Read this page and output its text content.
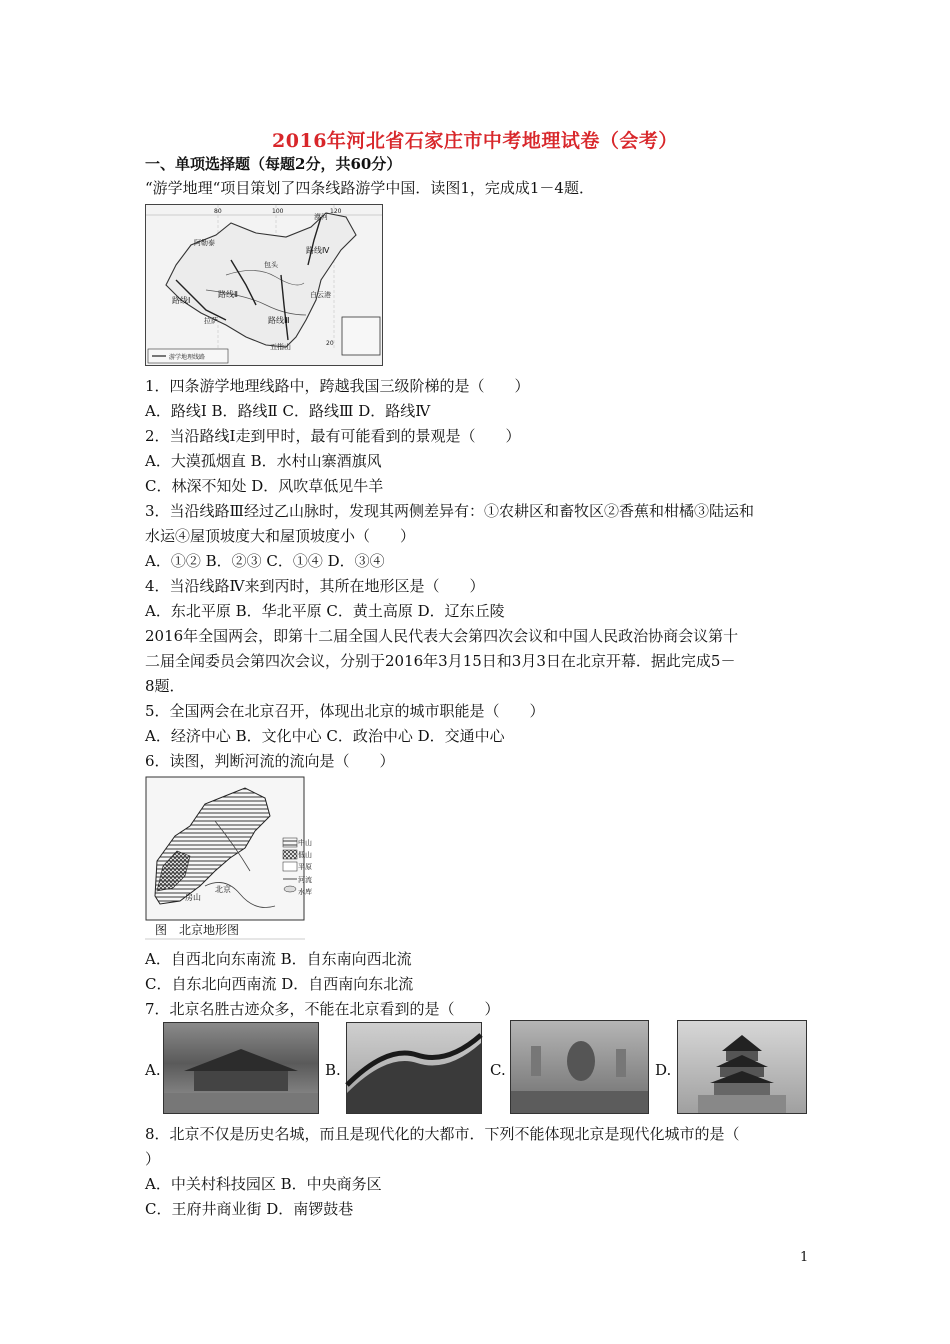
2016年河北省石家庄市中考地理试卷（会考）
一、单项选择题（每题2分，共60分）
“游学地理“项目策划了四条线路游学中国．读图1，完成成1－4题．
80	100	120
漠河
阿勒泰
路线Ⅳ
包头
路线Ⅱ
路线Ⅰ
拉萨	路线Ⅲ
白云港
五指山	20
游学地理线路
1．四条游学地理线路中，跨越我国三级阶梯的是（　　）
A．路线Ⅰ B．路线Ⅱ C．路线Ⅲ D．路线Ⅳ
2．当沿路线Ⅰ走到甲时，最有可能看到的景观是（　　）
A．大漠孤烟直 B．水村山寨酒旗风
C．林深不知处 D．风吹草低见牛羊
3．当沿线路Ⅲ经过乙山脉时，发现其两侧差异有：①农耕区和畜牧区②香蕉和柑橘③陆运和
水运④屋顶坡度大和屋顶坡度小（　　）
A．①② B．②③ C．①④ D．③④
4．当沿线路Ⅳ来到丙时，其所在地形区是（　　）
A．东北平原 B．华北平原 C．黄土高原 D．辽东丘陵
2016年全国两会，即第十二届全国人民代表大会第四次会议和中国人民政治协商会议第十
二届全闻委员会第四次会议，分别于2016年3月15日和3月3日在北京开幕．据此完成5－
8题．
5．全国两会在北京召开，体现出北京的城市职能是（　　）
A．经济中心 B．文化中心 C．政治中心 D．交通中心
6．读图，判断河流的流向是（　　）
北京
房山
中山
低山
平原
河流
水库
图　北京地形图
A．自西北向东南流 B．自东南向西北流
C．自东北向西南流 D．自西南向东北流
7．北京名胜古迹众多，不能在北京看到的是（　　）
A.	B.	C.	D.
8．北京不仅是历史名城，而且是现代化的大都市．下列不能体现北京是现代化城市的是（
）
A．中关村科技园区 B．中央商务区
C．王府井商业街 D．南锣鼓巷
1
